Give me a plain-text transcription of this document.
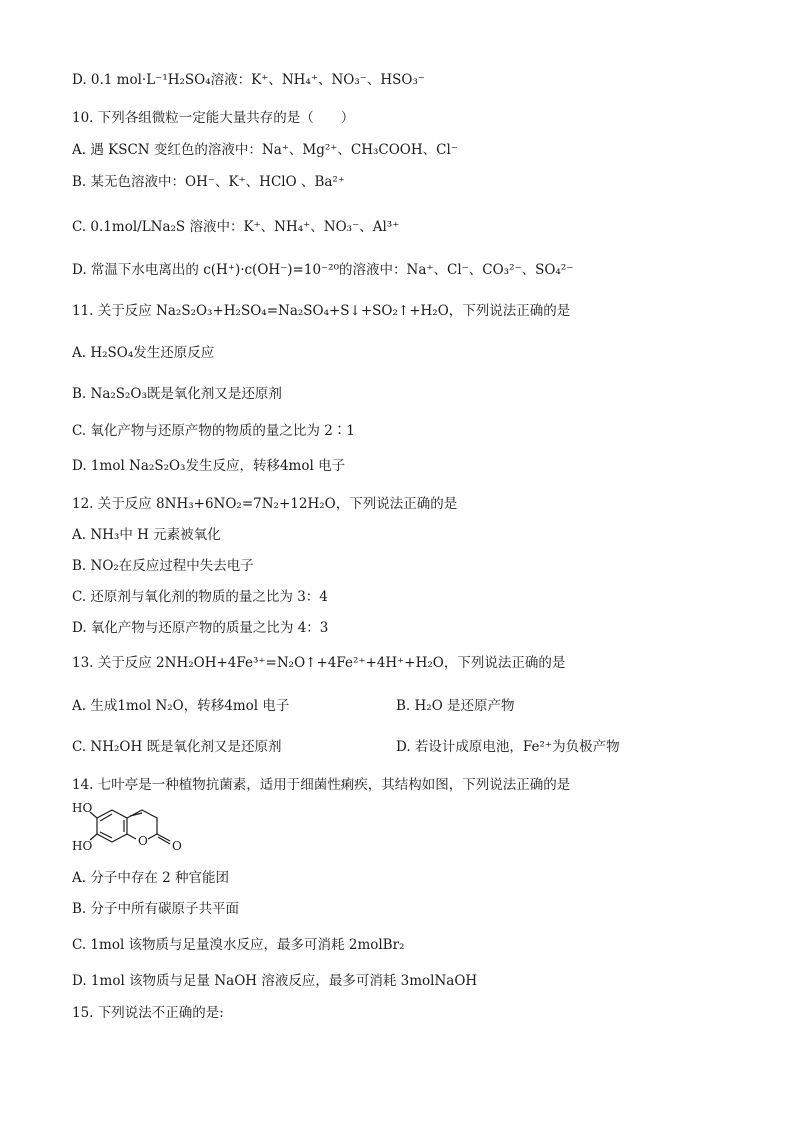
D. 0.1 mol·L⁻¹H₂SO₄溶液：K⁺、NH₄⁺、NO₃⁻、HSO₃⁻
10. 下列各组微粒一定能大量共存的是（　　）
A. 遇 KSCN 变红色的溶液中：Na⁺、Mg²⁺、CH₃COOH、Cl⁻
B. 某无色溶液中：OH⁻、K⁺、HClO 、Ba²⁺
C. 0.1mol/LNa₂S 溶液中：K⁺、NH₄⁺、NO₃⁻、Al³⁺
D. 常温下水电离出的 c(H⁺)·c(OH⁻)=10⁻²⁰的溶液中：Na⁺、Cl⁻、CO₃²⁻、SO₄²⁻
11. 关于反应 Na₂S₂O₃+H₂SO₄=Na₂SO₄+S↓+SO₂↑+H₂O，下列说法正确的是
A. H₂SO₄发生还原反应
B. Na₂S₂O₃既是氧化剂又是还原剂
C. 氧化产物与还原产物的物质的量之比为 2∶1
D. 1mol Na₂S₂O₃发生反应，转移4mol 电子
12. 关于反应 8NH₃+6NO₂=7N₂+12H₂O，下列说法正确的是
A. NH₃中 H 元素被氧化
B. NO₂在反应过程中失去电子
C. 还原剂与氧化剂的物质的量之比为 3：4
D. 氧化产物与还原产物的质量之比为 4：3
13. 关于反应 2NH₂OH+4Fe³⁺=N₂O↑+4Fe²⁺+4H⁺+H₂O，下列说法正确的是
A. 生成1mol N₂O，转移4mol 电子	B. H₂O 是还原产物
C. NH₂OH 既是氧化剂又是还原剂	D. 若设计成原电池，Fe²⁺为负极产物
14. 七叶亭是一种植物抗菌素，适用于细菌性痢疾，其结构如图，下列说法正确的是
HO
HO	O O
A. 分子中存在 2 种官能团
B. 分子中所有碳原子共平面
C. 1mol 该物质与足量溴水反应，最多可消耗 2molBr₂
D. 1mol 该物质与足量 NaOH 溶液反应，最多可消耗 3molNaOH
15. 下列说法不正确的是:
